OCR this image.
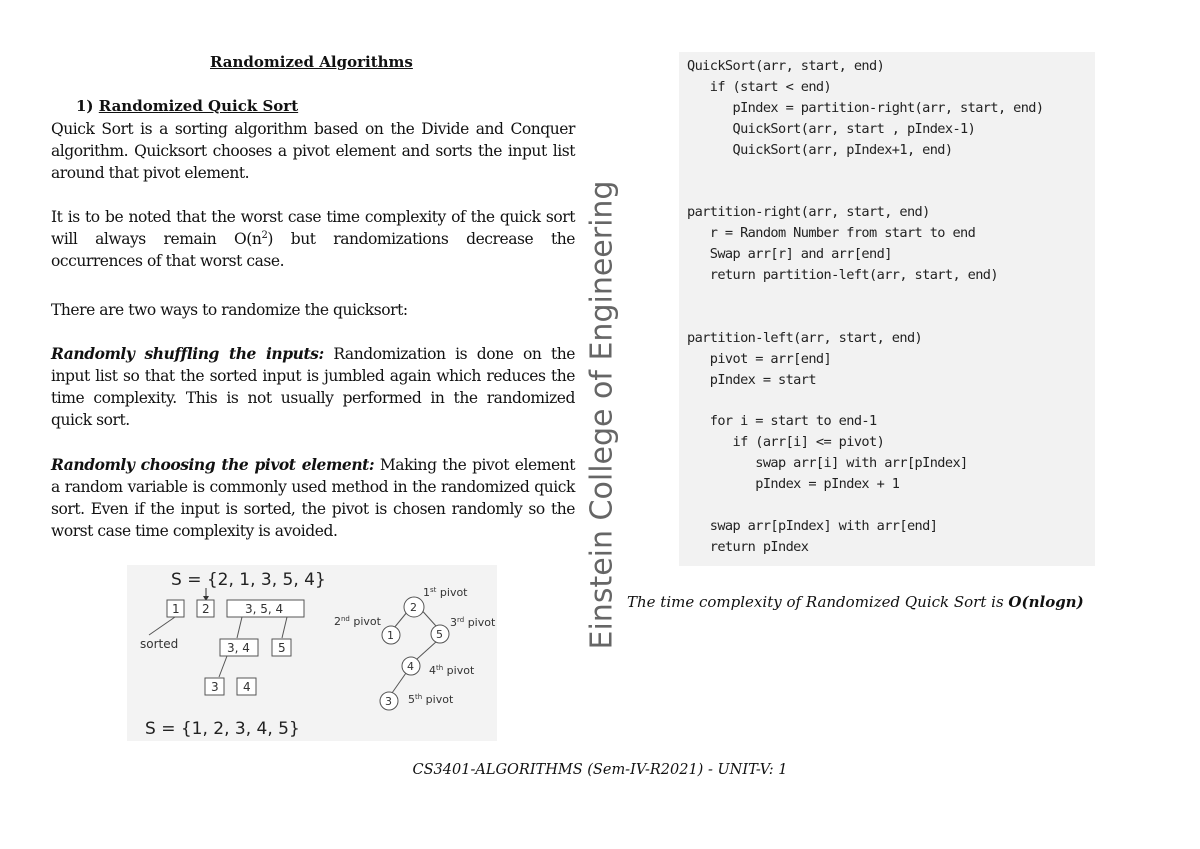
Randomized Algorithms
1) Randomized Quick Sort
Quick Sort is a sorting algorithm based on the Divide and Conquer algorithm. Quicksort chooses a pivot element and sorts the input list around that pivot element.
It is to be noted that the worst case time complexity of the quick sort will always remain $O(n^2)$ but randomizations decrease the occurrences of that worst case.
There are two ways to randomize the quicksort:
Randomly shuffling the inputs: Randomization is done on the input list so that the sorted input is jumbled again which reduces the time complexity. This is not usually performed in the randomized quick sort.
Randomly choosing the pivot element: Making the pivot element a random variable is commonly used method in the randomized quick sort. Even if the input is sorted, the pivot is chosen randomly so the worst case time complexity is avoided.
QuickSort(arr, start, end)
if (start < end)
pIndex = partition-right(arr, start, end)
QuickSort(arr, start , pIndex-1)
QuickSort(arr, pIndex+1, end)

partition-right(arr, start, end)
r = Random Number from start to end
Swap arr[r] and arr[end]
return partition-left(arr, start, end)

partition-left(arr, start, end)
pivot = arr[end]
pIndex = start

for i = start to end-1
if (arr[i] <= pivot)
swap arr[i] with arr[pIndex]
pIndex = pIndex + 1

swap arr[pIndex] with arr[end]
return pIndex
Einstein College of Engineering The time complexity of Randomized Quick Sort is O(nlogn)
S = {2, 1, 3, 5, 4}
1 2	3, 5, 4
sorted	3, 4 5
3 4
S = {1, 2, 3, 4, 5}
2
1	5
4
3
1st pivot
2nd pivot	3rd pivot
4th pivot
5th pivot
CS3401-ALGORITHMS (Sem-IV-R2021) - UNIT-V: 1
